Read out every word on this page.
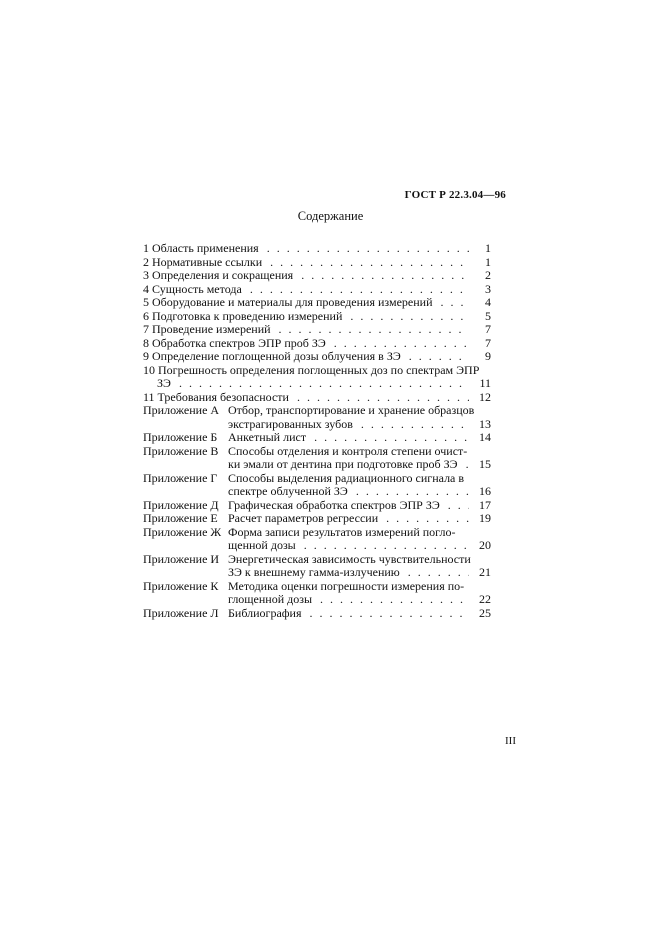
ГОСТ Р 22.3.04—96
Содержание
1 Область применения . . .	1
2 Нормативные ссылки . . .	1
3 Определения и сокращения . . .	2
4 Сущность метода . . .	3
5 Оборудование и материалы для проведения измерений . . .	4
6 Подготовка к проведению измерений . . .	5
7 Проведение измерений . . .	7
8 Обработка спектров ЭПР проб ЗЭ . . .	7
9 Определение поглощенной дозы облучения в ЗЭ . . .	9
10 Погрешность определения поглощенных доз по спектрам ЭПР
ЗЭ . . .	11
11 Требования безопасности . . .	12
Приложение А Отбор, транспортирование и хранение образцов
экстрагированных зубов . . .	13
Приложение Б Анкетный лист . . .	14
Приложение В Способы отделения и контроля степени очист-
ки эмали от дентина при подготовке проб ЗЭ . . .	15
Приложение Г Способы выделения радиационного сигнала в
спектре облученной ЗЭ . . .	16
Приложение Д Графическая обработка спектров ЭПР ЗЭ . . .	17
Приложение Е Расчет параметров регрессии . . .	19
Приложение Ж Форма записи результатов измерений погло-
щенной дозы . . .	20
Приложение И Энергетическая зависимость чувствительности
ЗЭ к внешнему гамма-излучению . . .	21
Приложение К Методика оценки погрешности измерения по-
глощенной дозы . . .	22
Приложение Л Библиография . . .	25
III
